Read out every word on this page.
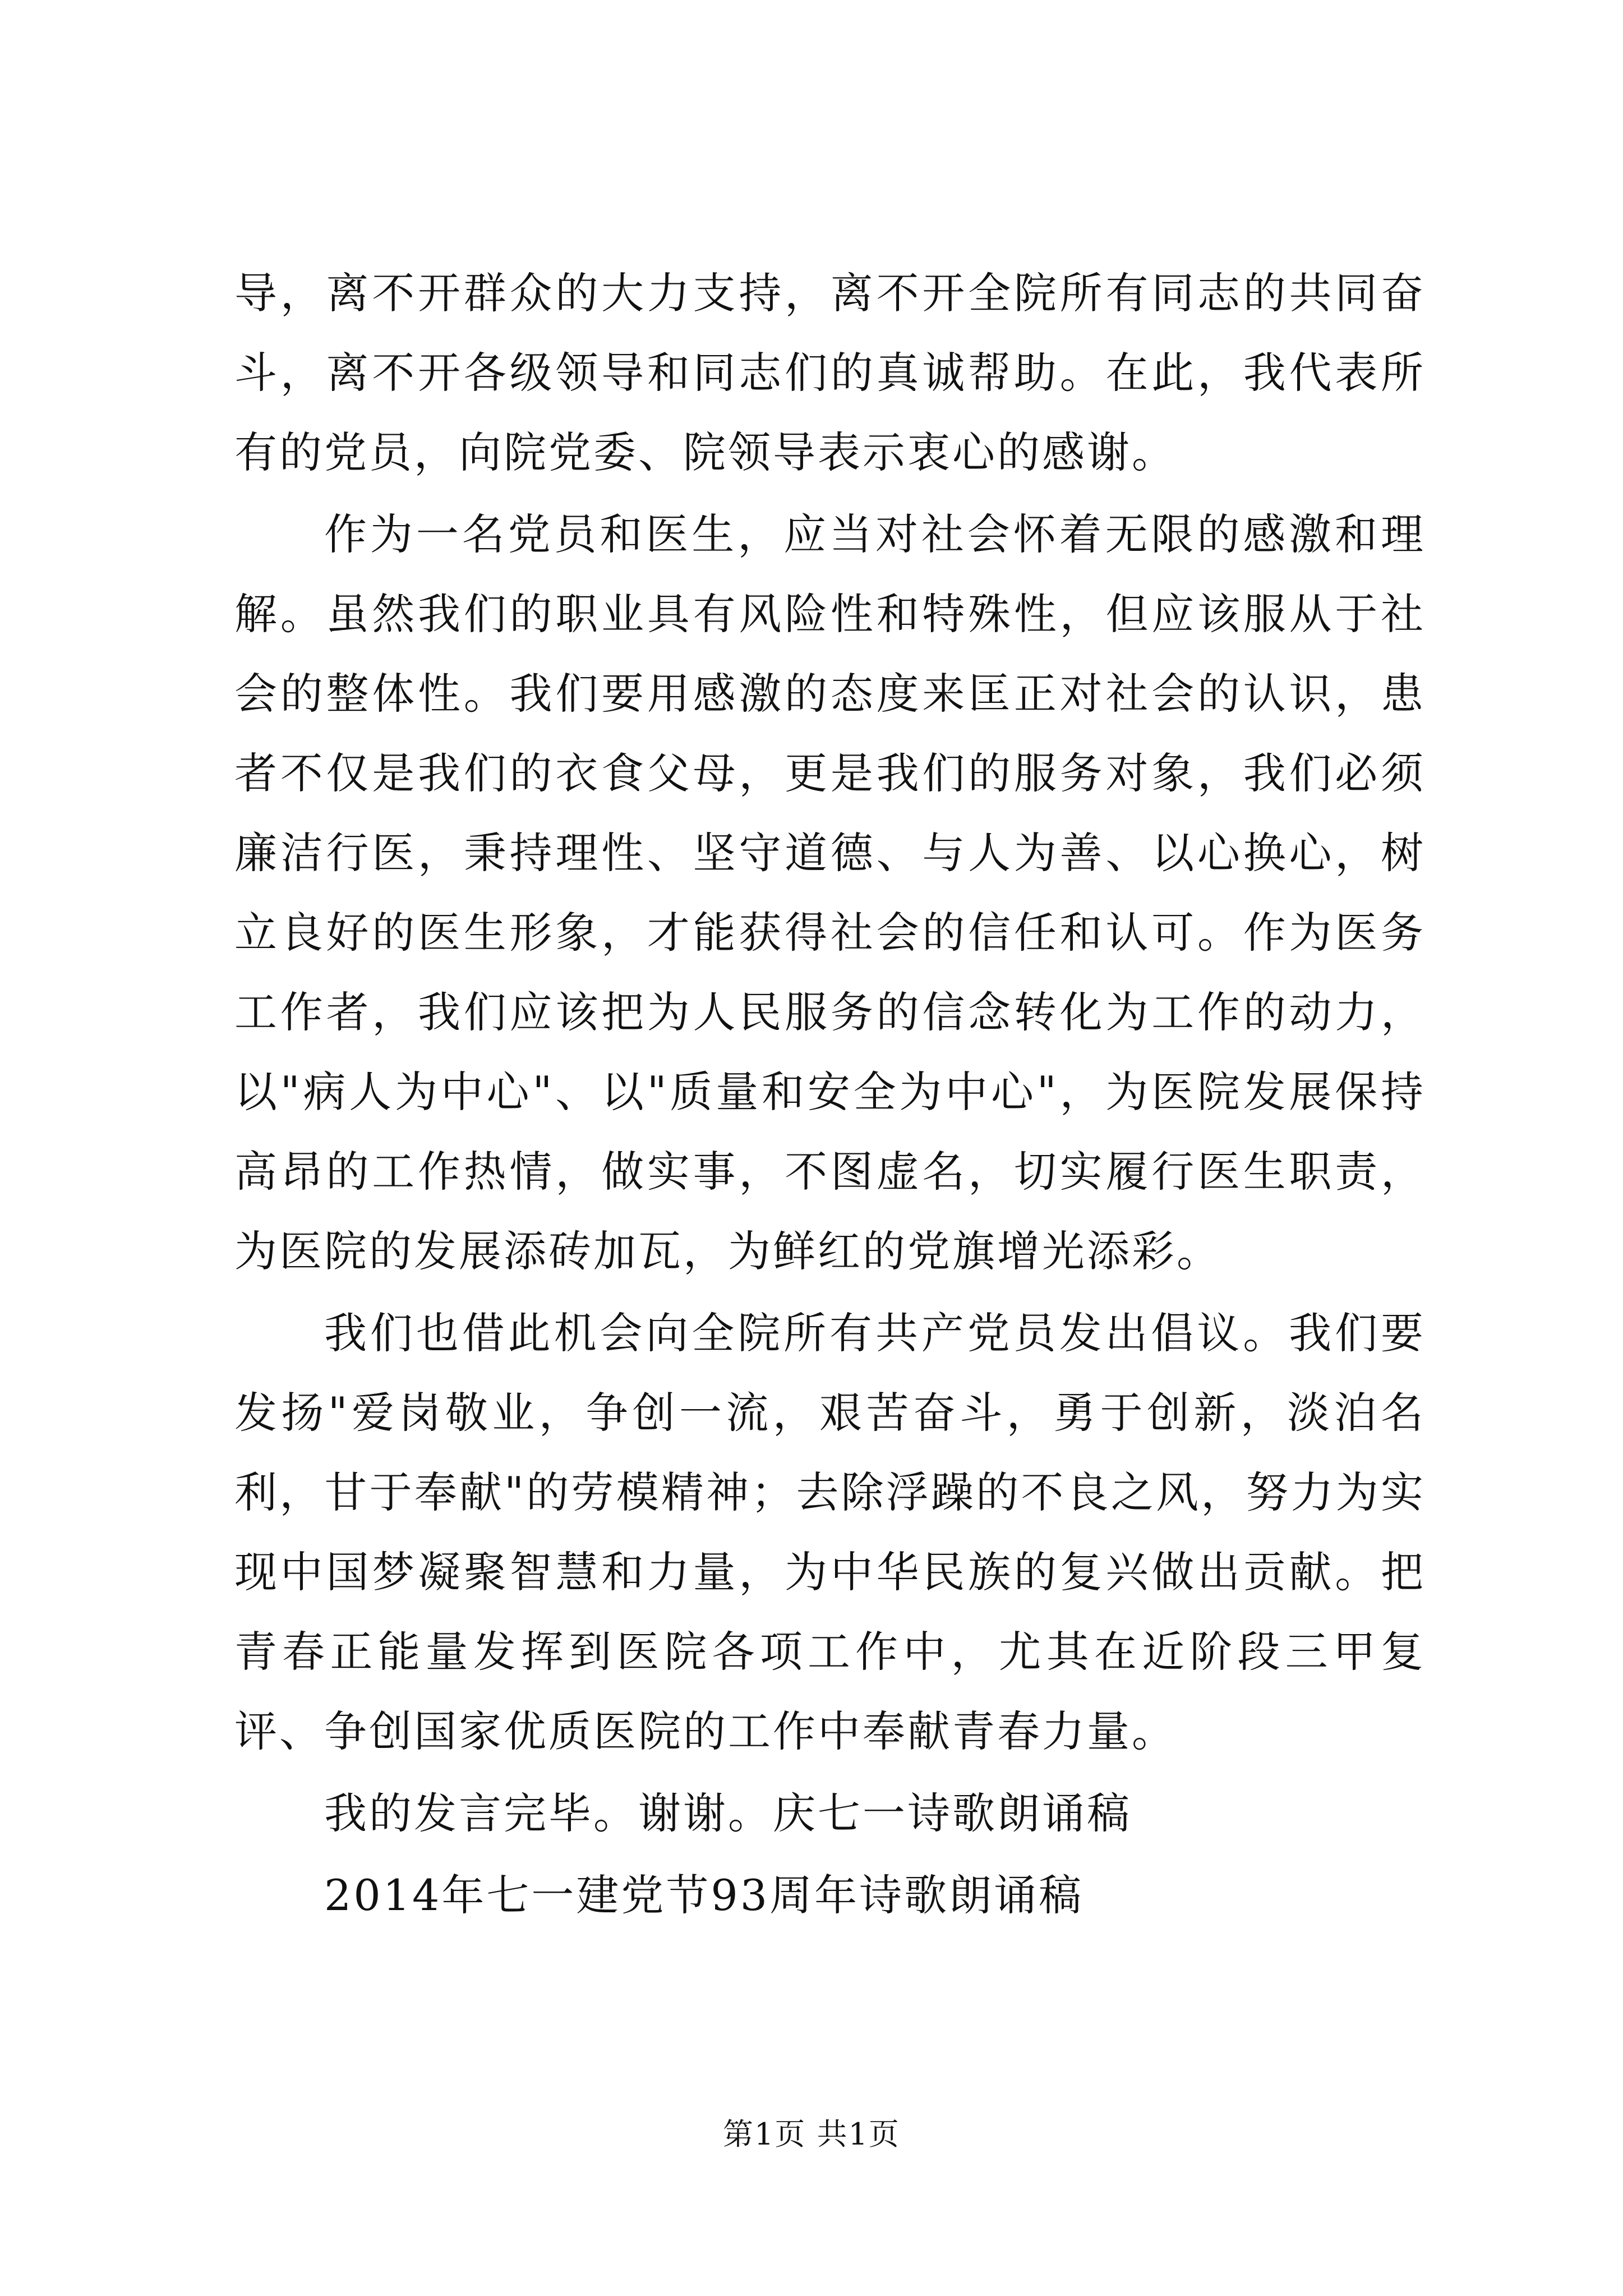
导，离不开群众的大力支持，离不开全院所有同志的共同奋斗，离不开各级领导和同志们的真诚帮助。在此，我代表所有的党员，向院党委、院领导表示衷心的感谢。

作为一名党员和医生，应当对社会怀着无限的感激和理解。虽然我们的职业具有风险性和特殊性，但应该服从于社会的整体性。我们要用感激的态度来匡正对社会的认识，患者不仅是我们的衣食父母，更是我们的服务对象，我们必须廉洁行医，秉持理性、坚守道德、与人为善、以心换心，树立良好的医生形象，才能获得社会的信任和认可。作为医务工作者，我们应该把为人民服务的信念转化为工作的动力，以"病人为中心"、以"质量和安全为中心"，为医院发展保持高昂的工作热情，做实事，不图虚名，切实履行医生职责，为医院的发展添砖加瓦，为鲜红的党旗增光添彩。

我们也借此机会向全院所有共产党员发出倡议。我们要发扬"爱岗敬业，争创一流，艰苦奋斗，勇于创新，淡泊名利，甘于奉献"的劳模精神；去除浮躁的不良之风，努力为实现中国梦凝聚智慧和力量，为中华民族的复兴做出贡献。把青春正能量发挥到医院各项工作中，尤其在近阶段三甲复评、争创国家优质医院的工作中奉献青春力量。

我的发言完毕。谢谢。庆七一诗歌朗诵稿

2014年七一建党节93周年诗歌朗诵稿

第1页 共1页
